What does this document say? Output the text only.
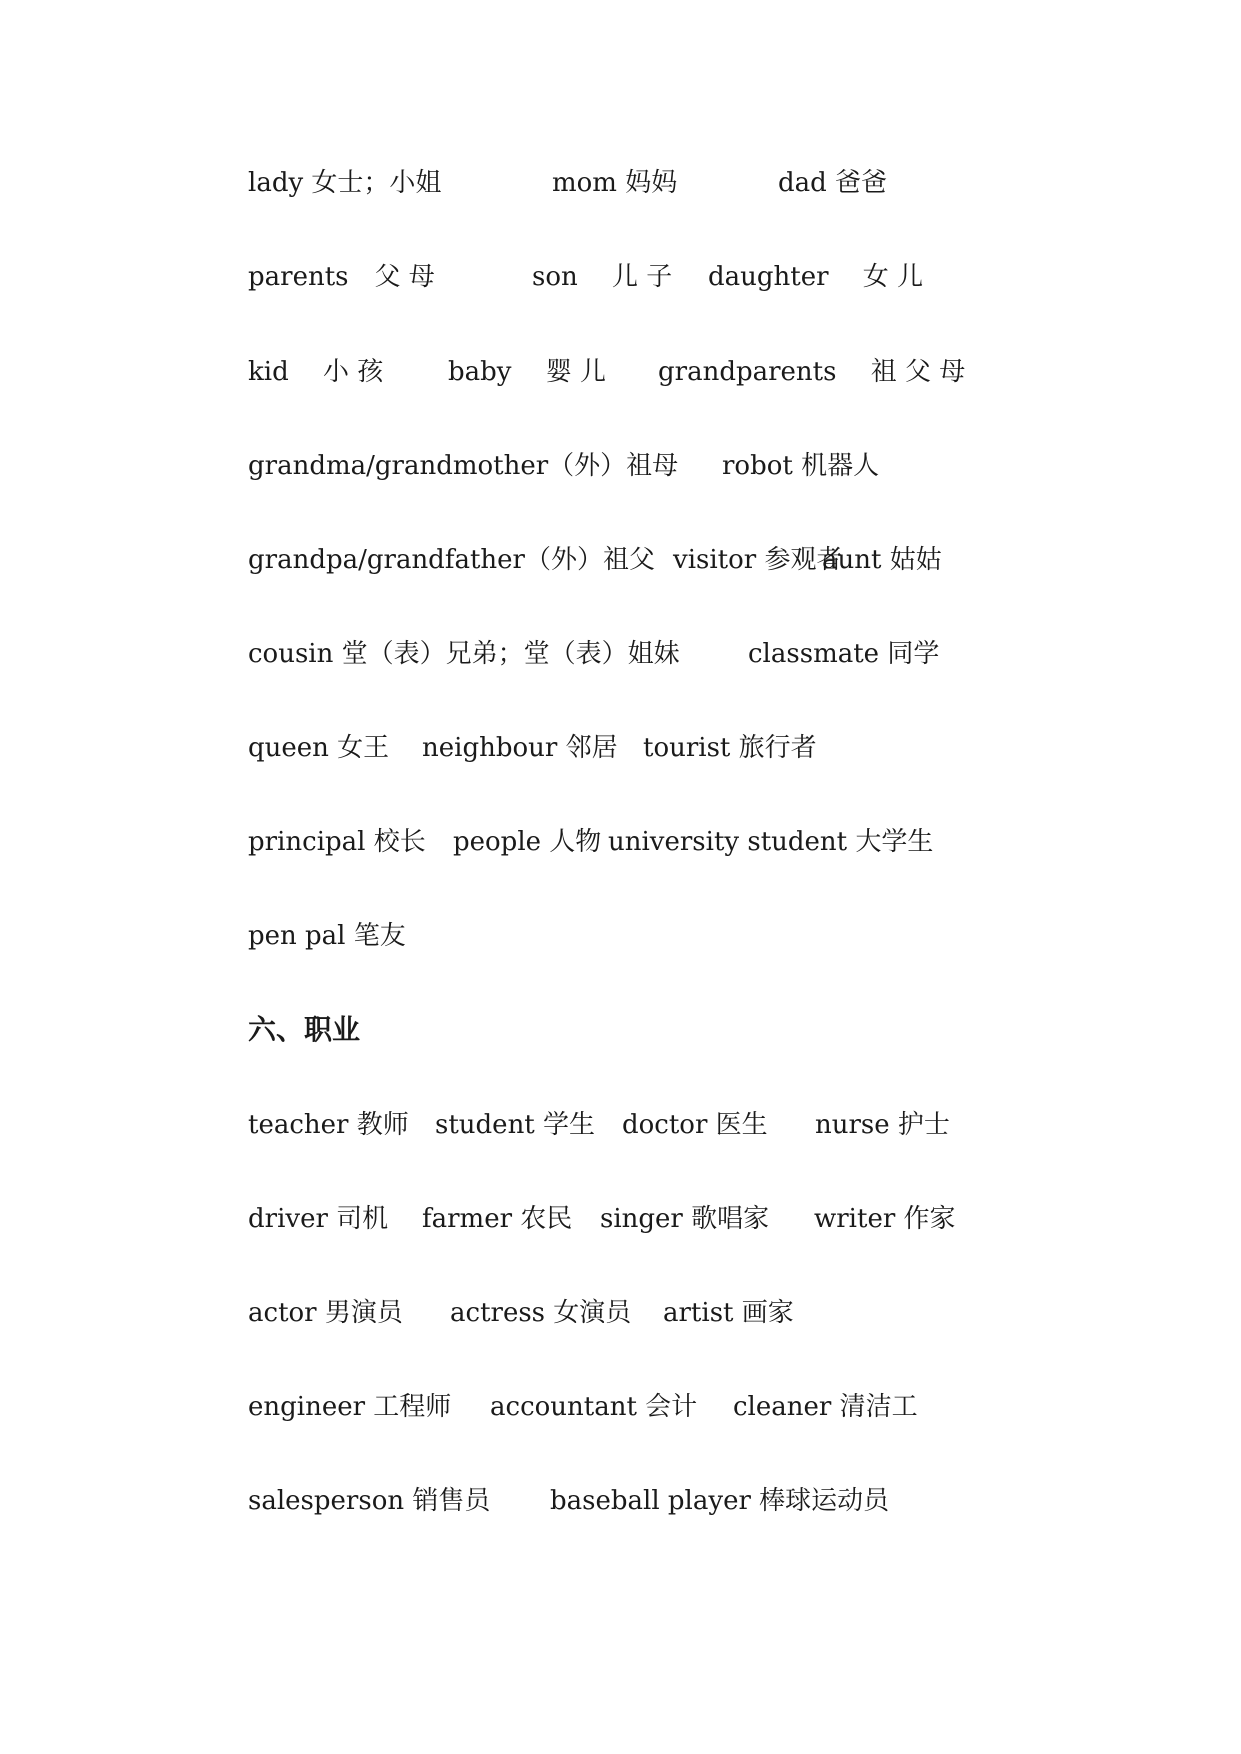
lady 女士；小姐	mom 妈妈	dad 爸爸
parents　父 母	son　 儿 子 daughter　 女 儿
kid　 小 孩 baby　 婴 儿 grandparents　 祖 父 母
grandma/grandmother（外）祖母 robot 机器人
grandpa/grandfather（外）祖父 visitor 参观者
aunt 姑姑
cousin 堂（表）兄弟；堂（表）姐妹	classmate 同学
queen 女王 neighbour 邻居 tourist 旅行者
principal 校长 people 人物 university student 大学生
pen pal 笔友
六、职业
teacher 教师 student 学生 doctor 医生 nurse 护士
driver 司机 farmer 农民 singer 歌唱家 writer 作家
actor 男演员 actress 女演员 artist 画家
engineer 工程师 accountant 会计 cleaner 清洁工
salesperson 销售员 baseball player 棒球运动员
